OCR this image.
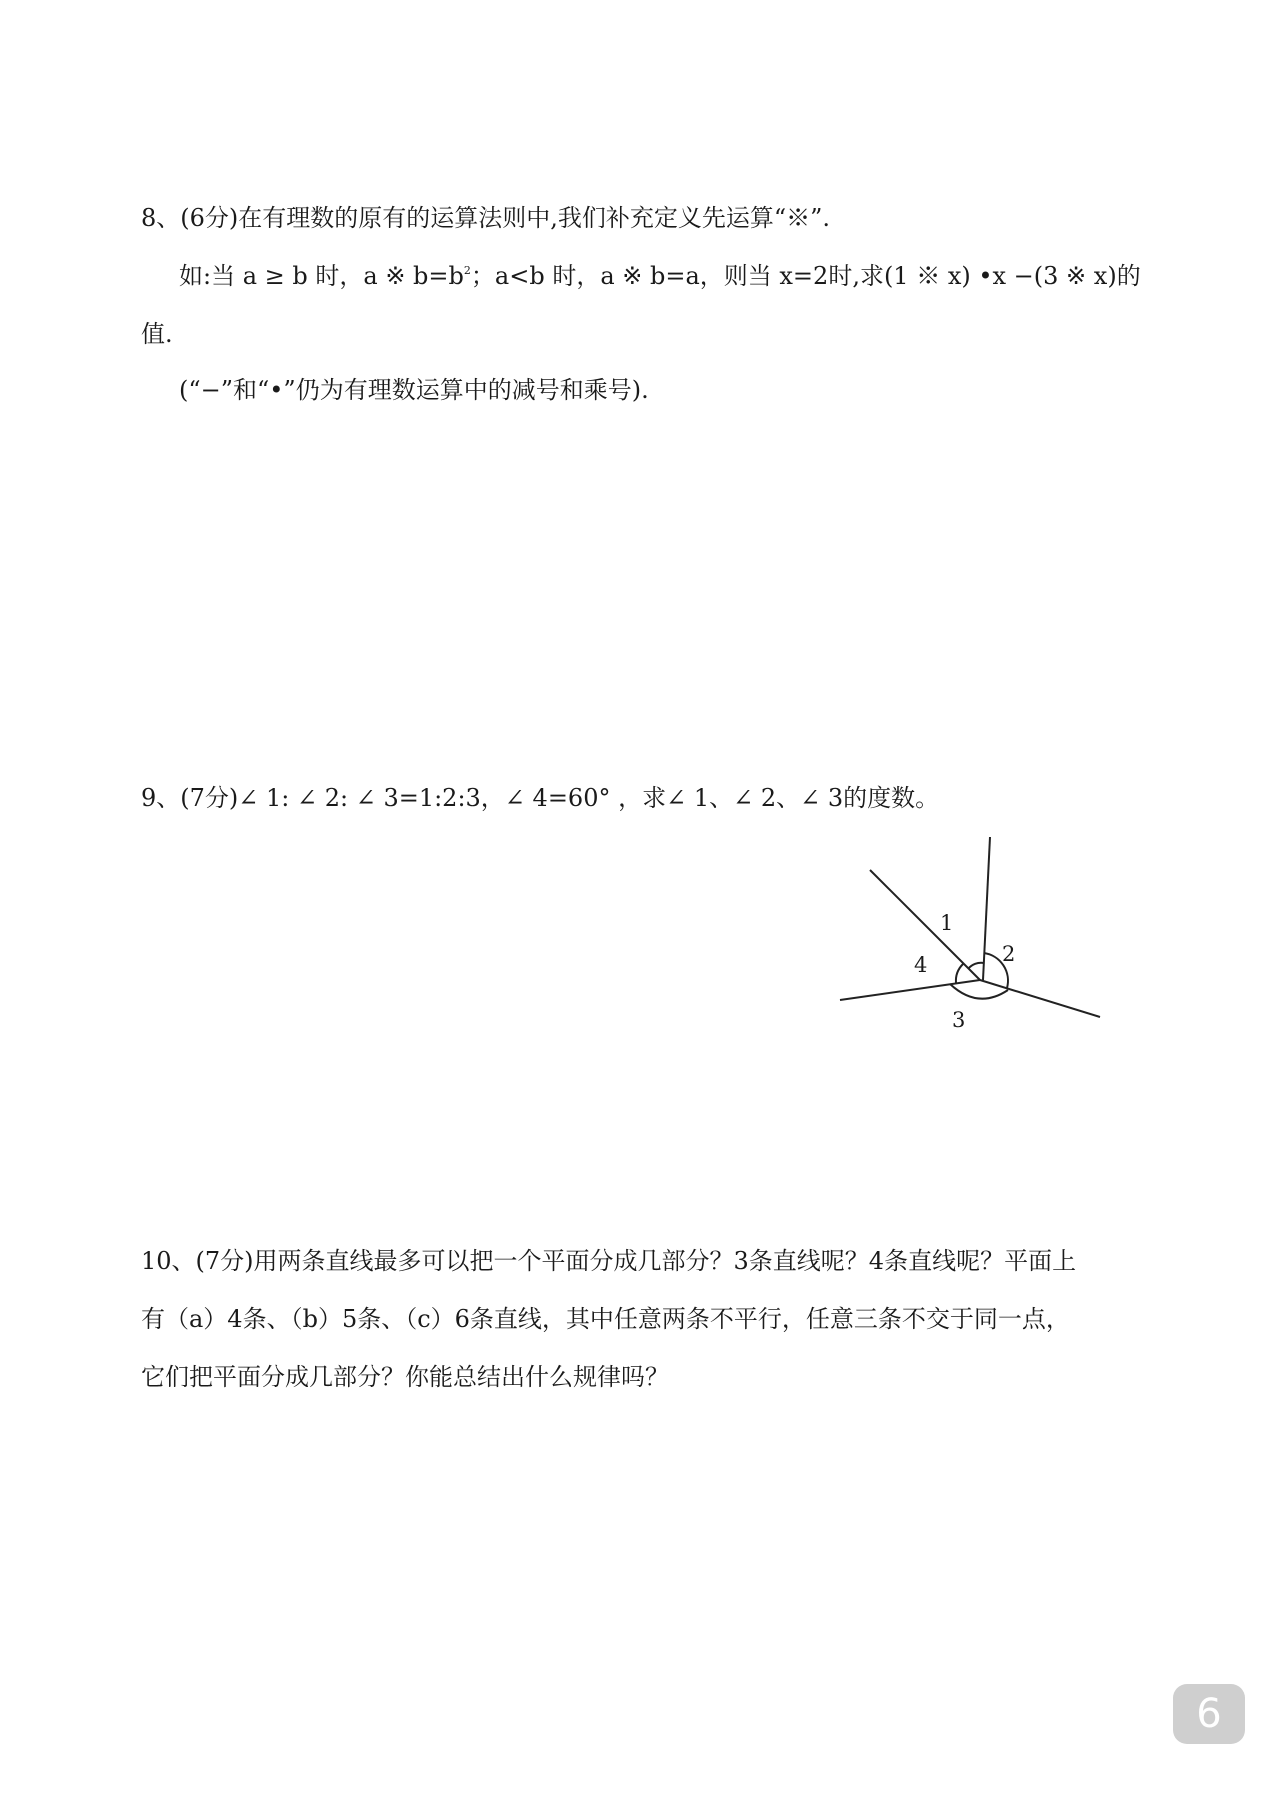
8、(6分)在有理数的原有的运算法则中,我们补充定义先运算“※”.
如:当 a ≥ b 时，a ※ $b=b^2$；a<b 时，a ※ b=a，则当 x=2时,求(1 ※ x) •x −(3 ※ x)的
值.
(“−”和“•”仍为有理数运算中的减号和乘号).
9、(7分)∠ 1: ∠ 2: ∠ 3=1:2:3，∠ 4=60° ，求∠ 1、∠ 2、∠ 3的度数。
1
2
3
4
10、(7分)用两条直线最多可以把一个平面分成几部分？3条直线呢？4条直线呢？平面上
有（a）4条、（b）5条、（c）6条直线，其中任意两条不平行，任意三条不交于同一点，
它们把平面分成几部分？你能总结出什么规律吗？
6
